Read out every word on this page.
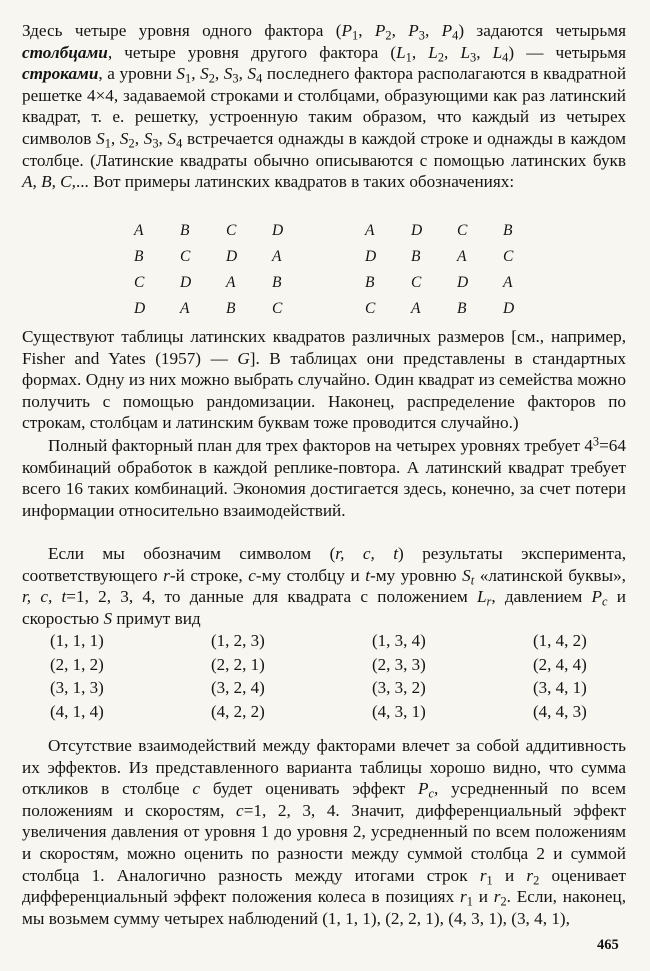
Здесь четыре уровня одного фактора ($P_1$, $P_2$, $P_3$, $P_4$) задаются четырьмя столбцами, четыре уровня другого фактора ($L_1$, $L_2$, $L_3$, $L_4$) — четырьмя строками, а уровни $S_1$, $S_2$, $S_3$, $S_4$ последнего фактора располагаются в квадратной решетке 4×4, задаваемой строками и столбцами, образующими как раз латинский квадрат, т. е. решетку, устроенную таким образом, что каждый из четырех символов $S_1$, $S_2$, $S_3$, $S_4$ встречается однажды в каждой строке и однажды в каждом столбце. (Латинские квадраты обычно описываются с помощью латинских букв A, B, C,... Вот примеры латинских квадратов в таких обозначениях:

A	B	C	D
B	C	D	A
C	D	A	B
D	A	B	C
A	D	C	B
D	B	A	C
B	C	D	A
C	A	B	D

Существуют таблицы латинских квадратов различных размеров [см., например, Fisher and Yates (1957) — G]. В таблицах они представлены в стандартных формах. Одну из них можно выбрать случайно. Один квадрат из семейства можно получить с помощью рандомизации. Наконец, распределение факторов по строкам, столбцам и латинским буквам тоже проводится случайно.)

Полный факторный план для трех факторов на четырех уровнях требует $4^3=64$ комбинаций обработок в каждой реплике-повтора. А латинский квадрат требует всего 16 таких комбинаций. Экономия достигается здесь, конечно, за счет потери информации относительно взаимодействий.

Если мы обозначим символом (r, c, t) результаты эксперимента, соответствующего r-й строке, c-му столбцу и t-му уровню $S_t$ «латинской буквы», r, c, t=1, 2, 3, 4, то данные для квадрата с положением $L_r$, давлением $P_c$ и скоростью S примут вид

(1, 1, 1)	(1, 2, 3)	(1, 3, 4)	(1, 4, 2)
(2, 1, 2)	(2, 2, 1)	(2, 3, 3)	(2, 4, 4)
(3, 1, 3)	(3, 2, 4)	(3, 3, 2)	(3, 4, 1)
(4, 1, 4)	(4, 2, 2)	(4, 3, 1)	(4, 4, 3)

Отсутствие взаимодействий между факторами влечет за собой аддитивность их эффектов. Из представленного варианта таблицы хорошо видно, что сумма откликов в столбце c будет оценивать эффект $P_c$, усредненный по всем положениям и скоростям, c=1, 2, 3, 4. Значит, дифференциальный эффект увеличения давления от уровня 1 до уровня 2, усредненный по всем положениям и скоростям, можно оценить по разности между суммой столбца 2 и суммой столбца 1. Аналогично разность между итогами строк $r_1$ и $r_2$ оценивает дифференциальный эффект положения колеса в позициях $r_1$ и $r_2$. Если, наконец, мы возьмем сумму четырех наблюдений (1, 1, 1), (2, 2, 1), (4, 3, 1), (3, 4, 1),

465
